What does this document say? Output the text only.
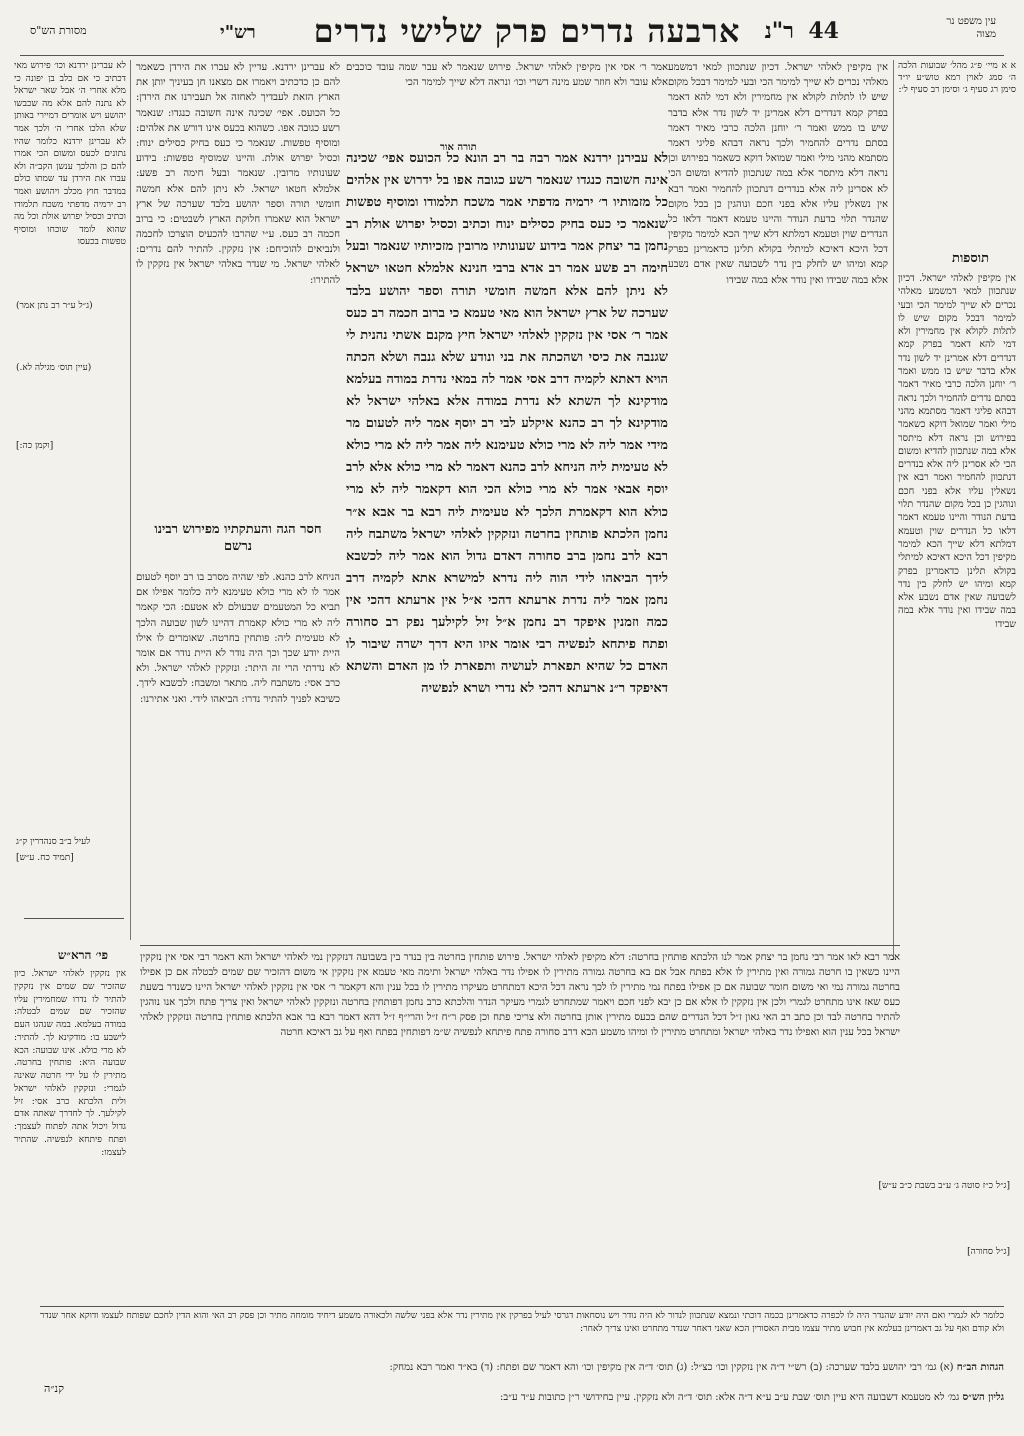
מסורת הש"ס	רש"י	ארבעה נדרים פרק שלישי נדרים	ר"נ 44	עין משפט נר מצוה
א א מיי׳ פ״ג מהל׳ שבועות הלכה ה׳ סמג לאוין רמא טוש״ע יו״ד סימן רג סעיף ג׳ וסימן רב סעיף ל׳:
תוספות
אין מקיפין לאלהי ישראל. דכיון שנתכוון למאי דמשמע מאלהי נכרים לא שייך למימר הכי ובעי למימר דבכל מקום שיש לו לתלות לקולא אין מחמירין ולא דמי להא דאמר בפרק קמא דנדרים דלא אמרינן יד לשון נדר אלא בדבר שיש בו ממש ואמר ר׳ יוחנן הלכה כרבי מאיר דאמר בסתם נדרים להחמיר ולכך נראה דבהא פליגי דאמר מסתמא מהני מילי ואמר שמואל דוקא כשאמר בפירוש וכן נראה דלא מיתסר אלא במה שנתכוון להדיא ומשום הכי לא אסרינן ליה אלא בנדרים דנתכוון להחמיר ואמר רבא אין נשאלין עליו אלא בפני חכם ונוהגין כן בכל מקום שהנדר תלוי בדעת הנודר והיינו טעמא דאמר דלאו כל הנדרים שוין וטעמא דמלתא דלא שייך הכא למימר מקיפין דכל היכא דאיכא למיתלי בקולא תלינן כדאמרינן בפרק קמא ומיהו יש לחלק בין נדר לשבועה שאין אדם נשבע אלא במה שבידו ואין נודר אלא במה שבידו
אין מקיפין לאלהי ישראל. דכיון שנתכוון למאי דמשמע מאלהי נכרים לא שייך למימר הכי ובעי למימר דבכל מקום שיש לו לתלות לקולא אין מחמירין ולא דמי להא דאמר בפרק קמא דנדרים דלא אמרינן יד לשון נדר אלא בדבר שיש בו ממש ואמר ר׳ יוחנן הלכה כרבי מאיר דאמר בסתם נדרים להחמיר ולכך נראה דבהא פליגי דאמר מסתמא מהני מילי ואמר שמואל דוקא כשאמר בפירוש וכן נראה דלא מיתסר אלא במה שנתכוון להדיא ומשום הכי לא אסרינן ליה אלא בנדרים דנתכוון להחמיר ואמר רבא אין נשאלין עליו אלא בפני חכם ונוהגין כן בכל מקום שהנדר תלוי בדעת הנודר והיינו טעמא דאמר דלאו כל הנדרים שוין וטעמא דמלתא דלא שייך הכא למימר מקיפין דכל היכא דאיכא למיתלי בקולא תלינן כדאמרינן בפרק קמא ומיהו יש לחלק בין נדר לשבועה שאין אדם נשבע אלא במה שבידו ואין נודר אלא במה שבידו
אמר ר׳ אסי אין מקיפין לאלהי ישראל. פירוש שנאמר לא עבר שמה עובד כוכבים אלא עובר ולא חוזר שמע מינה דשרי וכו׳ ונראה דלא שייך למימר הכי
תורה אור
לא עבירנן ירדנא אמר רבה בר רב הונא כל הכועס אפי׳ שכינה אינה חשובה כנגדו שנאמר רשע כגובה אפו בל ידרוש אין אלהים כל מזמותיו ר׳ ירמיה מדפתי אמר משכח תלמודו ומוסיף טפשות שנאמר כי כעס בחיק כסילים ינוח וכתיב וכסיל יפרוש אולת רב נחמן בר יצחק אמר בידוע שעונותיו מרובין מזכיותיו שנאמר ובעל חימה רב פשע אמר רב אדא ברבי חנינא אלמלא חטאו ישראל לא ניתן להם אלא חמשה חומשי תורה וספר יהושע בלבד שערכה של ארץ ישראל הוא מאי טעמא כי ברוב חכמה רב כעס אמר ר׳ אסי אין נזקקין לאלהי ישראל חיץ מקנם אשתי נהנית לי שגנבה את כיסי ושהכתה את בני ונודע שלא גנבה ושלא הכתה הויא דאתא לקמיה דרב אסי אמר לה במאי נדרת במודה בעלמא מודקינא לך השתא לא נדרת במודה אלא באלהי ישראל לא מודקינא לך רב כהנא איקלע לבי רב יוסף אמר ליה לטעום מר מידי אמר ליה לא מרי כולא טעימנא ליה אמר ליה לא מרי כולא לא טעימית ליה הניחא לרב כהנא דאמר לא מרי כולא אלא לרב יוסף אבאי אמר לא מרי כולא הכי הוא דקאמר ליה לא מרי כולא הוא דקאמרת הלכך לא טעימית ליה רבא בר אבא א״ר נחמן הלכתא פותחין בחרטה ונזקקין לאלהי ישראל משתבח ליה רבא לרב נחמן ברב סחורה דאדם גדול הוא אמר ליה לכשבא לידך הביאהו לידי הוה ליה נדרא למישרא אתא לקמיה דרב נחמן אמר ליה נדרת ארעתא דהכי א״ל אין ארעתא דהכי אין כמה וזמנין איפקד רב נחמן א״ל זיל לקילעך נפק רב סחורה ופתח פיתחא לנפשיה רבי אומר איזו היא דרך ישרה שיבור לו האדם כל שהיא תפארת לעושיה ותפארת לו מן האדם והשתא דאיפקד ר״נ ארעתא דהכי לא נדרי ושרא לנפשיה
לא עברינן ירדנא. עדיין לא עברו את הירדן כשאמר להם כן כדכתיב ויאמרו אם מצאנו חן בעיניך יותן את הארץ הזאת לעבדיך לאחזה אל תעבירנו את הירדן: כל הכועס. אפי׳ שכינה אינה חשובה כנגדו: שנאמר רשע כגובה אפו. כשהוא בכעס אינו דורש את אלהים: ומוסיף טפשות. שנאמר כי כעס בחיק כסילים ינוח: וכסיל יפרוש אולת. והיינו שמוסיף טפשות: בידוע שעונותיו מרובין. שנאמר ובעל חימה רב פשע: אלמלא חטאו ישראל. לא ניתן להם אלא חמשה חומשי תורה וספר יהושע בלבד שערכה של ארץ ישראל הוא שאמרו חלוקת הארץ לשבטים: כי ברוב חכמה רב כעס. ע״י שהרבו להכעיס הוצרכו לחכמה ולנביאים להוכיחם: אין נזקקין. להתיר להם נדרים: לאלהי ישראל. מי שנדר באלהי ישראל אין נזקקין לו להתירו:
חסר הגה והעתקתיו מפירוש רבינו נרשם
הניחא לרב כהנא. לפי שהיה מסרב בו רב יוסף לטעום אמר לו לא מרי כולא טעימנא ליה כלומר אפילו אם תביא כל המטעמים שבעולם לא אטעם: הכי קאמר ליה לא מרי כולא קאמרת דהיינו לשון שבועה הלכך לא טעימית ליה: פותחין בחרטה. שאומרים לו אילו היית יודע שכך וכך היה נודר לא היית נודר אם אומר לא נדרתי הרי זה היתר: ונזקקין לאלהי ישראל. ולא כרב אסי: משתבח ליה. מתאר ומשבח: לכשבא לידך. כשיבא לפניך להתיר נדרו: הביאהו לידי. ואני אתירנו:
לא עברינן ירדנא וכו׳ פירוש מאי דכתיב כי אם כלב בן יפונה כי מלא אחרי ה׳ אבל שאר ישראל לא נתנה להם אלא מה שכבשו יהושע ויש אומרים דמיירי באותן שלא הלכו אחרי ה׳ ולכך אמר לא עברינן ירדנא כלומר שהיו נתונים לכעס ומשום הכי אמרו להם כן והלכך ענשן הקב״ה ולא עברו את הירדן עד שמתו כולם במדבר חוץ מכלב ויהושע ואמר רב ירמיה מדפתי משכח תלמודו וכתיב וכסיל יפרוש אולת וכל מה שהוא לומד שוכחו ומוסיף טפשות בכעסו
(ג״ל ע״ר רב נתן אמר)
(עיין תוס׳ מגילה לא.)
[וקמן כה:]
לעיל ב״ב סנהדרין ק״ג
[תמיד כח. ע״ש]
פי׳ הרא״ש
אין נזקקין לאלהי ישראל. כיון שהזכיר שם שמים אין נזקקין להתיר לו נדרו שמחמירין עליו שהזכיר שם שמים לבטלה: במודה בעלמא. במה שנהגו העם לישבע בו: מודקינא לך. להתיר: לא מרי כולא. אינו שבועה: הכא שבועה היא: פותחין בחרטה. מתירין לו על ידי חרטה שאינה לגמרי: ונזקקין לאלהי ישראל ולית הלכתא כרב אסי: זיל לקילעך. לך לחדרך שאתה אדם גדול ויכול אתה לפתוח לעצמך: ופתח פיתחא לנפשיה. שהתיר לעצמו:
אמר רבא לאו אמר רבי נחמן בר יצחק אמר לנו הלכתא פותחין בחרטה: דלא מקיפין לאלהי ישראל. פירוש פותחין בחרטה בין בנדר בין בשבועה דנזקקין נמי לאלהי ישראל והא דאמר רבי אסי אין נזקקין היינו כשאין בו חרטה גמורה ואין מתירין לו אלא בפתח אבל אם בא בחרטה גמורה מתירין לו אפילו נדר באלהי ישראל ותימה מאי טעמא אין נזקקין אי משום דהזכיר שם שמים לבטלה אם כן אפילו בחרטה גמורה נמי ואי משום חומר שבועה אם כן אפילו בפתח נמי מתירין לו לכך נראה דכל היכא דמתחרט מעיקרו מתירין לו בכל ענין והא דקאמר ר׳ אסי אין נזקקין לאלהי ישראל היינו כשנדר בשעת כעס שאז אינו מתחרט לגמרי ולכן אין נזקקין לו אלא אם כן יבא לפני חכם ויאמר שמתחרט לגמרי מעיקר הנדר והלכתא כרב נחמן דפותחין בחרטה ונזקקין לאלהי ישראל ואין צריך פתח ולכך אנו נוהגין להתיר בחרטה לבד וכן כתב רב האי גאון ז״ל דכל הנדרים שהם בכעס מתירין אותן בחרטה ולא צריכי פתח וכן פסק ר״ח ז״ל והרי״ף ז״ל דהא דאמר רבא בר אבא הלכתא פותחין בחרטה ונזקקין לאלהי ישראל בכל ענין הוא ואפילו נדר באלהי ישראל ומתחרט מתירין לו ומיהו משמע הכא דרב סחורה פתח פיתחא לנפשיה ש״מ דפותחין בפתח ואף על גב דאיכא חרטה
[ג״ל כ״ז סוטה ג׳ ע״ב בשבת כ״ב ע״ש]
[ג״ל סחורה]
כלומר לא לגמרי ואם היה יודע שהנדר היה לו לכפרה כדאמרינן בכמה דוכתי ונמצא שנתכוון לנדור לא היה נודר ויש נוסחאות דגרסי לעיל בפרקין אין מתירין נדר אלא בפני שלשה ולכאורה משמע דיחיד מומחה מתיר וכן פסק רב האי והוא הדין לחכם שפותח לעצמו ודוקא אחר שנדר ולא קודם ואף על גב דאמרינן בעלמא אין חבוש מתיר עצמו מבית האסורין הכא שאני דאחר שנדר מתחרט ואינו צריך לאחר:
הגהות הב״ח (א) גמ׳ רבי יהושע בלבד שערכה: (ב) רש״י ד״ה אין נזקקין וכו׳ כצ״ל: (ג) תוס׳ ד״ה אין מקיפין וכו׳ והא דאמר שם ופתח: (ד) בא״ד ואמר רבא נמחק:
גליון הש״ס גמ׳ לא מטעמא דשבועה היא עיין תוס׳ שבת ע״ב ע״א ד״ה אלא: תוס׳ ד״ה ולא נזקקין. עיין בחידושי ר״ן כתובות ע״ד ע״ב:
קנ״ה
